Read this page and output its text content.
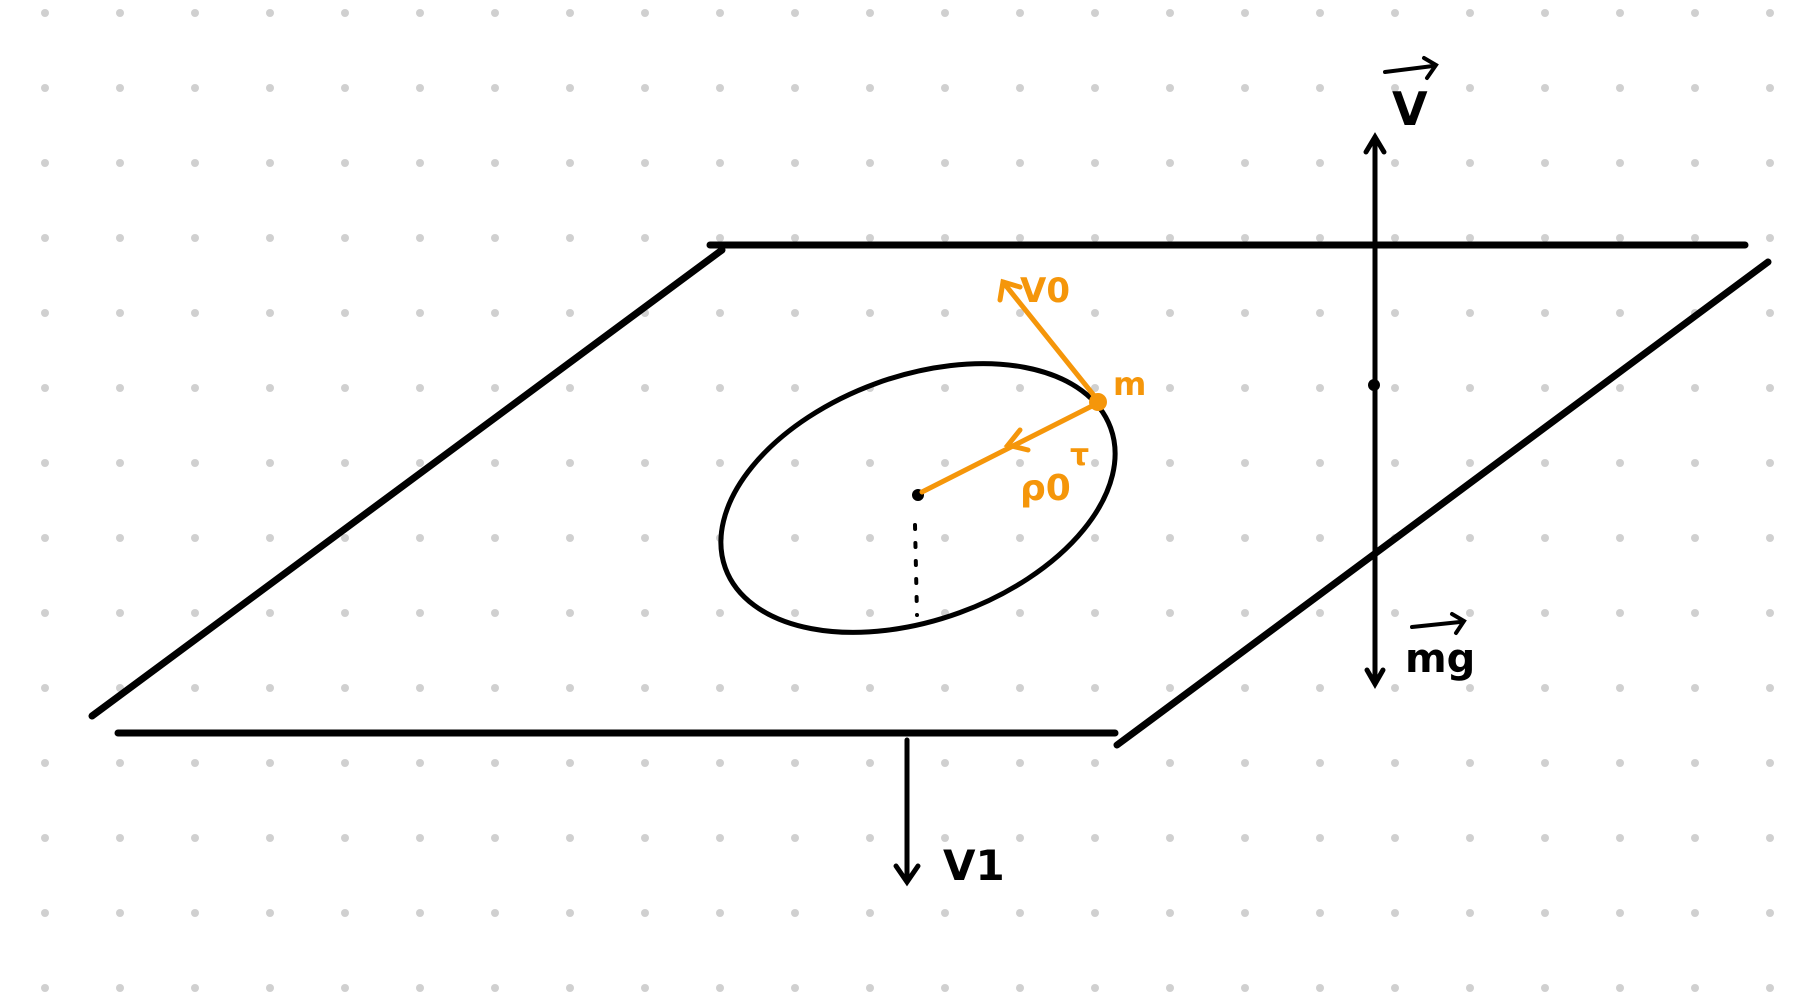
V
V0
m
τ
ρ0
mg
V1
